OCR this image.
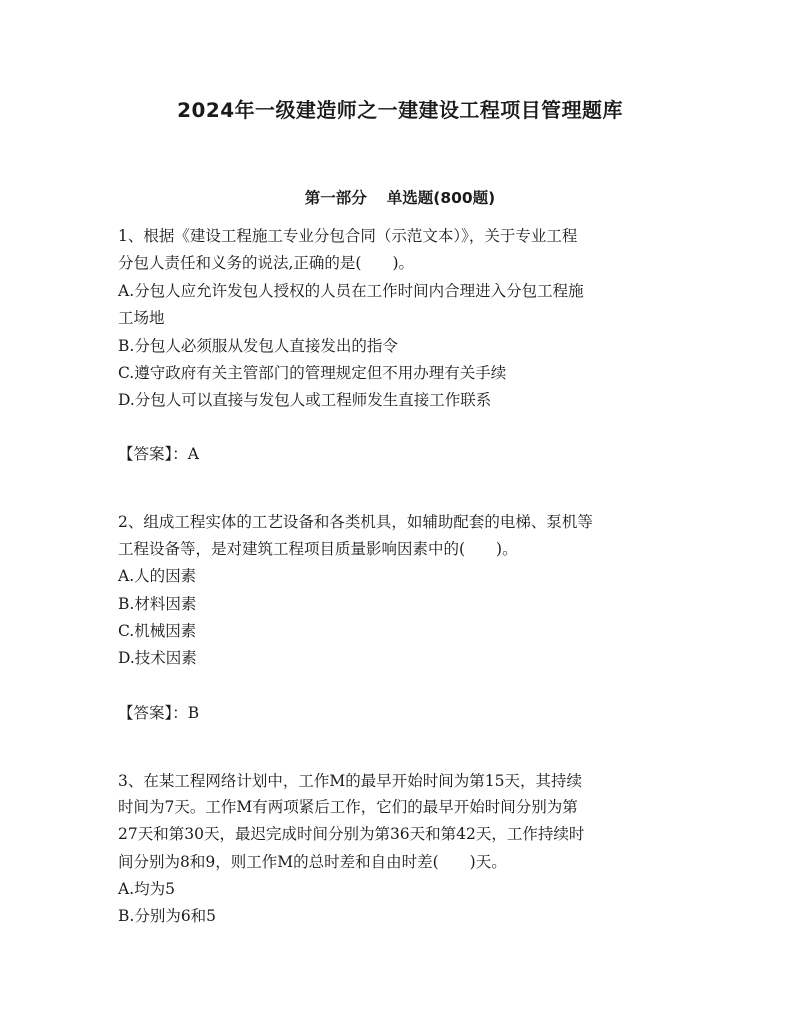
2024年一级建造师之一建建设工程项目管理题库
第一部分 单选题(800题)
1、根据《建设工程施工专业分包合同（示范文本）》，关于专业工程
分包人责任和义务的说法,正确的是(　　)。
A.分包人应允许发包人授权的人员在工作时间内合理进入分包工程施
工场地
B.分包人必须服从发包人直接发出的指令
C.遵守政府有关主管部门的管理规定但不用办理有关手续
D.分包人可以直接与发包人或工程师发生直接工作联系
【答案】：A
2、组成工程实体的工艺设备和各类机具，如辅助配套的电梯、泵机等
工程设备等，是对建筑工程项目质量影响因素中的(　　)。
A.人的因素
B.材料因素
C.机械因素
D.技术因素
【答案】：B
3、在某工程网络计划中，工作M的最早开始时间为第15天，其持续
时间为7天。工作M有两项紧后工作，它们的最早开始时间分别为第
27天和第30天，最迟完成时间分别为第36天和第42天，工作持续时
间分别为8和9，则工作M的总时差和自由时差(　　)天。
A.均为5
B.分别为6和5
